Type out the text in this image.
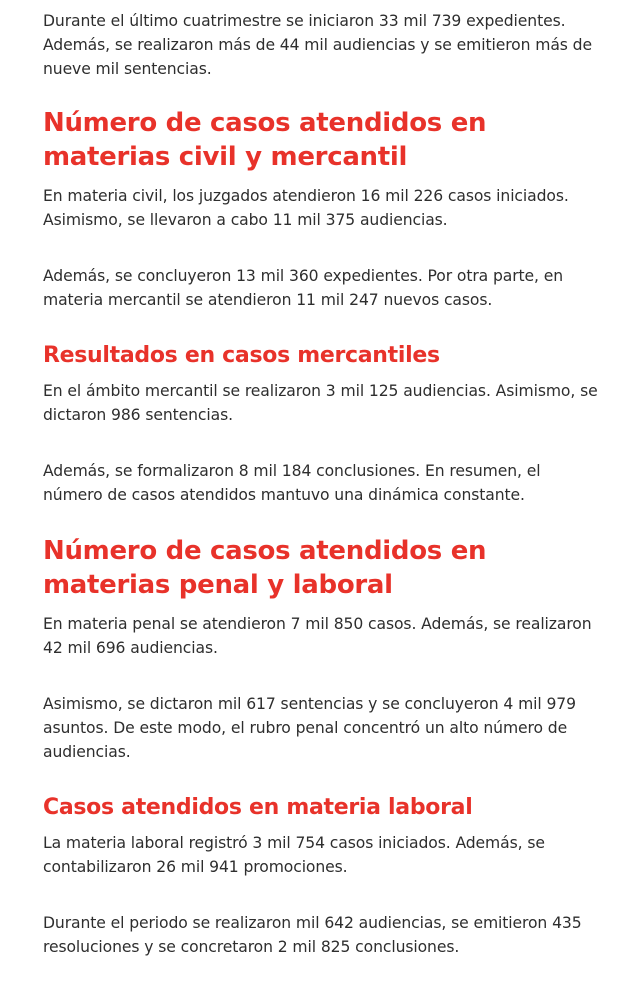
Durante el último cuatrimestre se iniciaron 33 mil 739 expedientes. Además, se realizaron más de 44 mil audiencias y se emitieron más de nueve mil sentencias.

Número de casos atendidos en materias civil y mercantil

En materia civil, los juzgados atendieron 16 mil 226 casos iniciados. Asimismo, se llevaron a cabo 11 mil 375 audiencias.

Además, se concluyeron 13 mil 360 expedientes. Por otra parte, en materia mercantil se atendieron 11 mil 247 nuevos casos.

Resultados en casos mercantiles

En el ámbito mercantil se realizaron 3 mil 125 audiencias. Asimismo, se dictaron 986 sentencias.

Además, se formalizaron 8 mil 184 conclusiones. En resumen, el número de casos atendidos mantuvo una dinámica constante.

Número de casos atendidos en materias penal y laboral

En materia penal se atendieron 7 mil 850 casos. Además, se realizaron 42 mil 696 audiencias.

Asimismo, se dictaron mil 617 sentencias y se concluyeron 4 mil 979 asuntos. De este modo, el rubro penal concentró un alto número de audiencias.

Casos atendidos en materia laboral

La materia laboral registró 3 mil 754 casos iniciados. Además, se contabilizaron 26 mil 941 promociones.

Durante el periodo se realizaron mil 642 audiencias, se emitieron 435 resoluciones y se concretaron 2 mil 825 conclusiones.
